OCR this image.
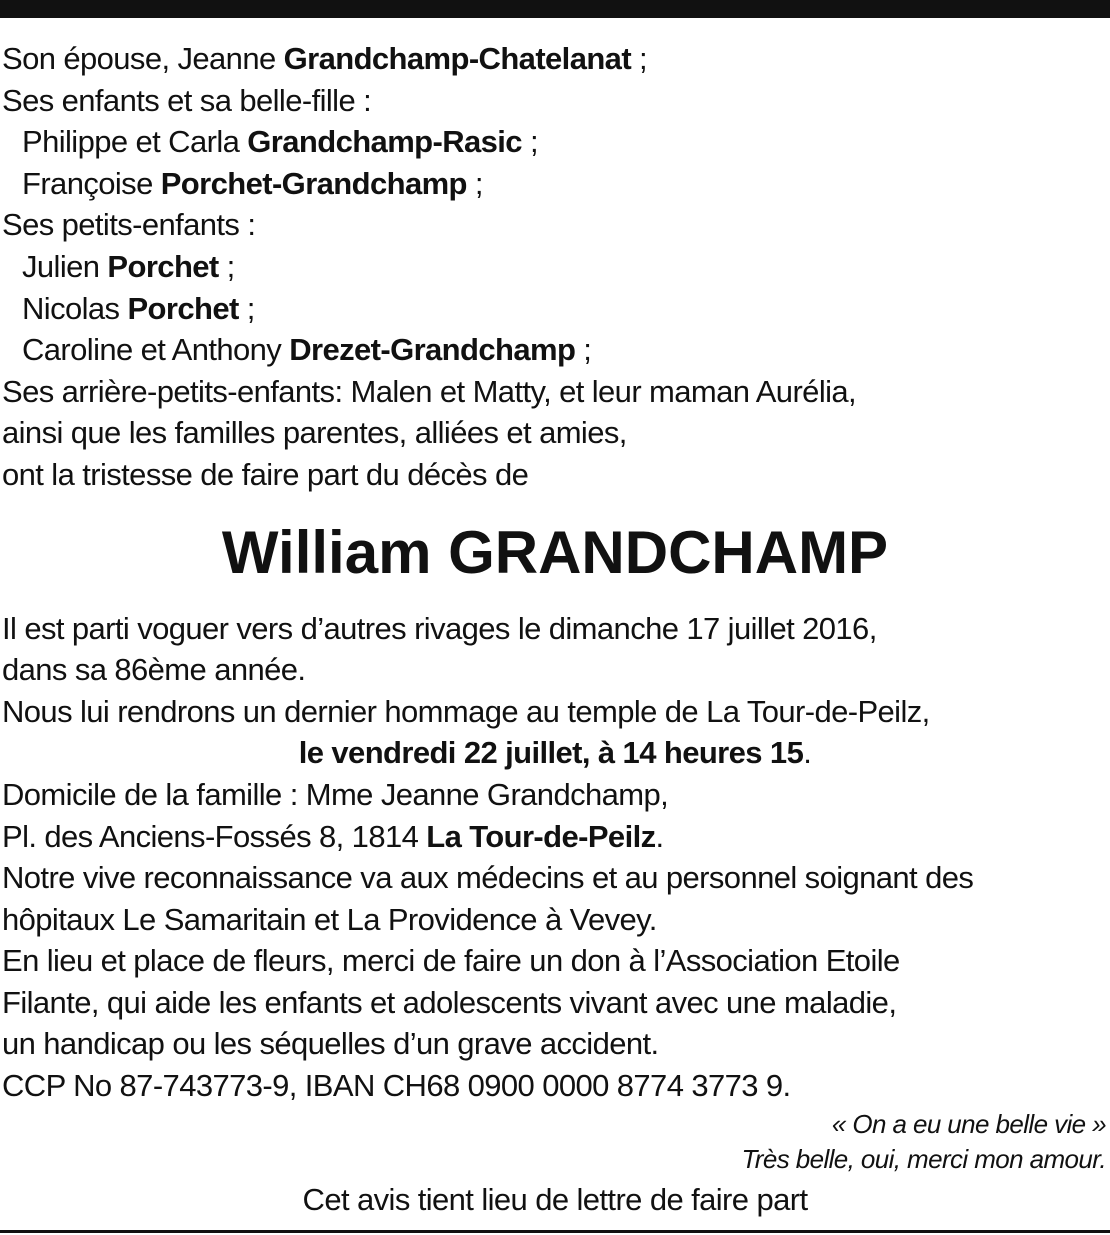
Son épouse, Jeanne Grandchamp-Chatelanat ;
Ses enfants et sa belle-fille :
Philippe et Carla Grandchamp-Rasic ;
Françoise Porchet-Grandchamp ;
Ses petits-enfants :
Julien Porchet ;
Nicolas Porchet ;
Caroline et Anthony Drezet-Grandchamp ;
Ses arrière-petits-enfants: Malen et Matty, et leur maman Aurélia,
ainsi que les familles parentes, alliées et amies,
ont la tristesse de faire part du décès de
William GRANDCHAMP
Il est parti voguer vers d’autres rivages le dimanche 17 juillet 2016,
dans sa 86ème année.
Nous lui rendrons un dernier hommage au temple de La Tour-de-Peilz,
le vendredi 22 juillet, à 14 heures 15.
Domicile de la famille : Mme Jeanne Grandchamp,
Pl. des Anciens-Fossés 8, 1814 La Tour-de-Peilz.
Notre vive reconnaissance va aux médecins et au personnel soignant des
hôpitaux Le Samaritain et La Providence à Vevey.
En lieu et place de fleurs, merci de faire un don à l’Association Etoile
Filante, qui aide les enfants et adolescents vivant avec une maladie,
un handicap ou les séquelles d’un grave accident.
CCP No 87-743773-9, IBAN CH68 0900 0000 8774 3773 9.
« On a eu une belle vie »
Très belle, oui, merci mon amour.
Cet avis tient lieu de lettre de faire part
